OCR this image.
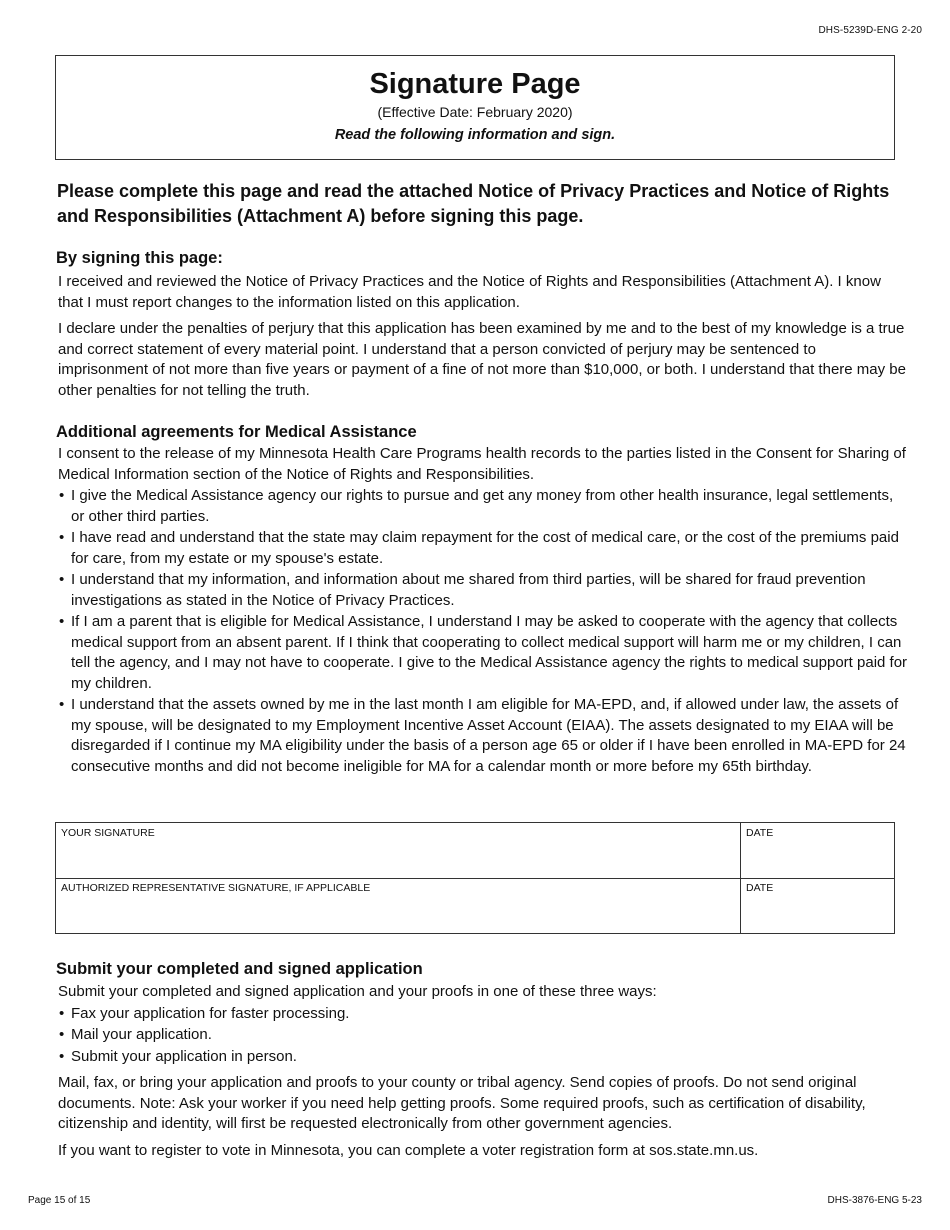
DHS-5239D-ENG 2-20
Signature Page
(Effective Date: February 2020)
Read the following information and sign.
Please complete this page and read the attached Notice of Privacy Practices and Notice of Rights and Responsibilities (Attachment A) before signing this page.
By signing this page:
I received and reviewed the Notice of Privacy Practices and the Notice of Rights and Responsibilities (Attachment A). I know that I must report changes to the information listed on this application.
I declare under the penalties of perjury that this application has been examined by me and to the best of my knowledge is a true and correct statement of every material point. I understand that a person convicted of perjury may be sentenced to imprisonment of not more than five years or payment of a fine of not more than $10,000, or both. I understand that there may be other penalties for not telling the truth.
Additional agreements for Medical Assistance
I consent to the release of my Minnesota Health Care Programs health records to the parties listed in the Consent for Sharing of Medical Information section of the Notice of Rights and Responsibilities.
• I give the Medical Assistance agency our rights to pursue and get any money from other health insurance, legal settlements, or other third parties.
• I have read and understand that the state may claim repayment for the cost of medical care, or the cost of the premiums paid for care, from my estate or my spouse's estate.
• I understand that my information, and information about me shared from third parties, will be shared for fraud prevention investigations as stated in the Notice of Privacy Practices.
• If I am a parent that is eligible for Medical Assistance, I understand I may be asked to cooperate with the agency that collects medical support from an absent parent. If I think that cooperating to collect medical support will harm me or my children, I can tell the agency, and I may not have to cooperate. I give to the Medical Assistance agency the rights to medical support paid for my children.
• I understand that the assets owned by me in the last month I am eligible for MA-EPD, and, if allowed under law, the assets of my spouse, will be designated to my Employment Incentive Asset Account (EIAA). The assets designated to my EIAA will be disregarded if I continue my MA eligibility under the basis of a person age 65 or older if I have been enrolled in MA-EPD for 24 consecutive months and did not become ineligible for MA for a calendar month or more before my 65th birthday.
YOUR SIGNATURE	DATE
AUTHORIZED REPRESENTATIVE SIGNATURE, IF APPLICABLE	DATE
Submit your completed and signed application
Submit your completed and signed application and your proofs in one of these three ways:
• Fax your application for faster processing.
• Mail your application.
• Submit your application in person.
Mail, fax, or bring your application and proofs to your county or tribal agency. Send copies of proofs. Do not send original documents. Note: Ask your worker if you need help getting proofs. Some required proofs, such as certification of disability, citizenship and identity, will first be requested electronically from other government agencies.
If you want to register to vote in Minnesota, you can complete a voter registration form at sos.state.mn.us.
Page 15 of 15	DHS-3876-ENG 5-23
